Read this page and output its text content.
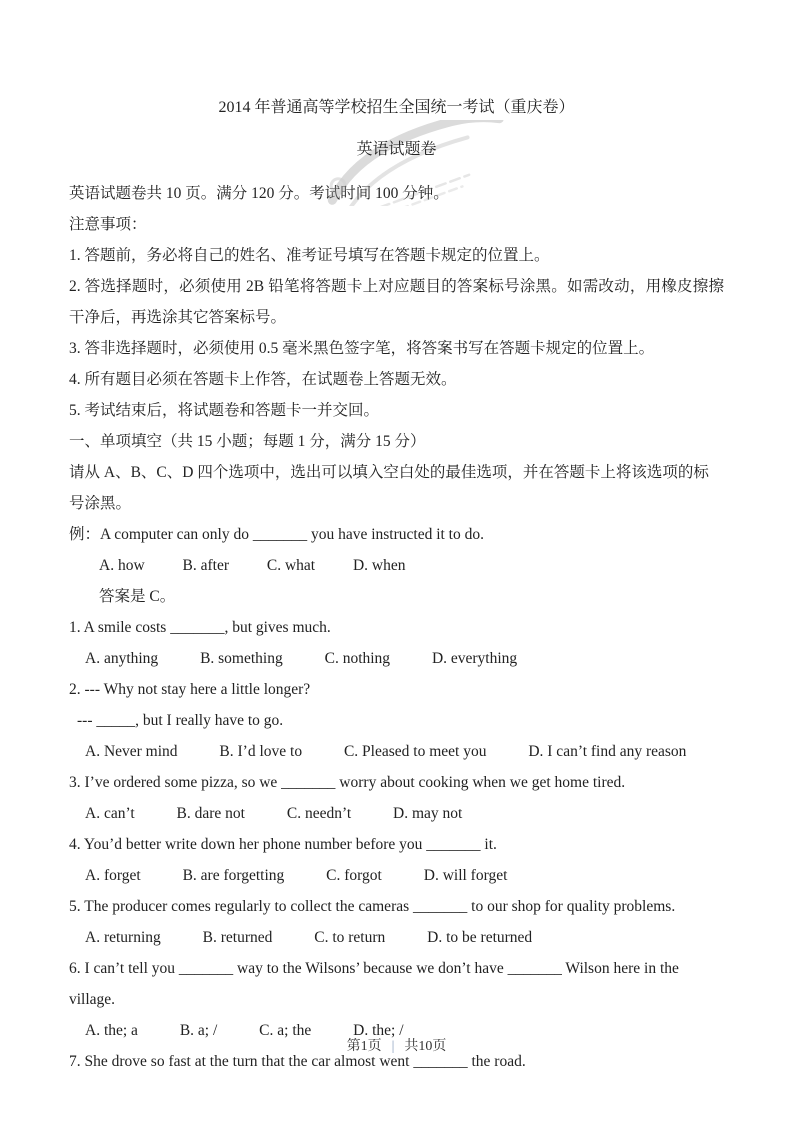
2014 年普通高等学校招生全国统一考试（重庆卷）
英语试题卷

英语试题卷共 10 页。满分 120 分。考试时间 100 分钟。

注意事项：

1. 答题前，务必将自己的姓名、准考证号填写在答题卡规定的位置上。

2. 答选择题时，必须使用 2B 铅笔将答题卡上对应题目的答案标号涂黑。如需改动，用橡皮擦擦干净后，再选涂其它答案标号。

3. 答非选择题时，必须使用 0.5 毫米黑色签字笔，将答案书写在答题卡规定的位置上。

4. 所有题目必须在答题卡上作答，在试题卷上答题无效。

5. 考试结束后，将试题卷和答题卡一并交回。

一、单项填空（共 15 小题；每题 1 分，满分 15 分）

请从 A、B、C、D 四个选项中，选出可以填入空白处的最佳选项，并在答题卡上将该选项的标号涂黑。

例：A computer can only do _______ you have instructed it to do.

A. how B. after C. what D. when

答案是 C。

1. A smile costs _______, but gives much.

A. anything	B. something	C. nothing	D. everything

2. --- Why not stay here a little longer?

--- _____, but I really have to go.

A. Never mind	B. I’d love to	C. Pleased to meet you	D. I can’t find any reason

3. I’ve ordered some pizza, so we _______ worry about cooking when we get home tired.

A. can’t	B. dare not	C. needn’t	D. may not

4. You’d better write down her phone number before you _______ it.

A. forget	B. are forgetting	C. forgot	D. will forget

5. The producer comes regularly to collect the cameras _______ to our shop for quality problems.

A. returning	B. returned	C. to return	D. to be returned

6. I can’t tell you _______ way to the Wilsons’ because we don’t have _______ Wilson here in the village.

A. the; a	B. a; /	C. a; the	D. the; /

7. She drove so fast at the turn that the car almost went _______ the road.

第1页 | 共10页
